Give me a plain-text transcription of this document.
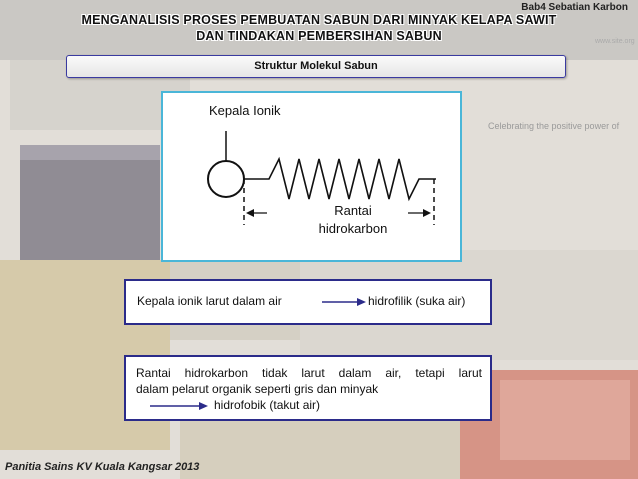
Bab4 Sebatian Karbon
MENGANALISIS PROSES PEMBUATAN SABUN DARI MINYAK KELAPA SAWIT
DAN TINDAKAN PEMBERSIHAN SABUN	www.site.org
Celebrating the positive power of
Struktur Molekul Sabun
Kepala Ionik
Rantai
hidrokarbon
Kepala ionik larut dalam air	hidrofilik (suka air)
Rantai hidrokarbon tidak larut dalam air, tetapi larut
dalam pelarut organik seperti gris dan minyak
hidrofobik (takut air)
Panitia Sains KV Kuala Kangsar 2013
